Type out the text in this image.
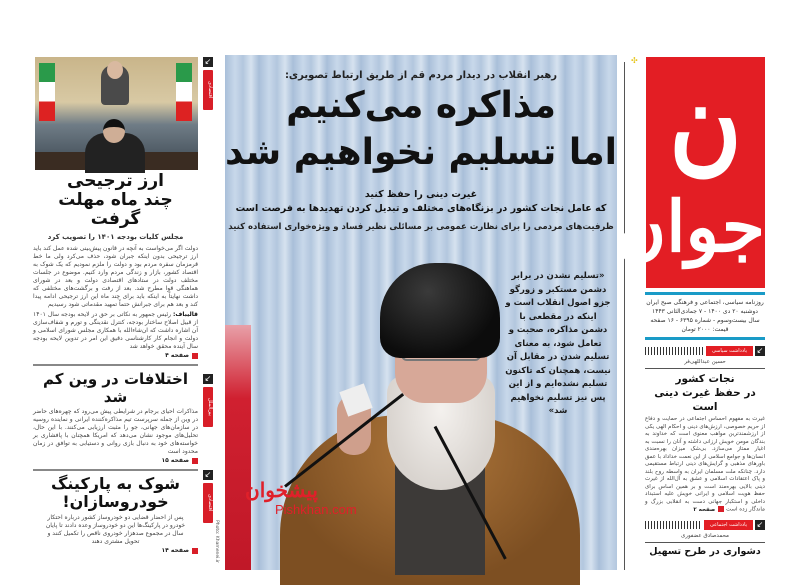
↙
اقتصادی
↙
بین‌الملل
↙
اقتصادی
ارز ترجیحی
چند ماه مهلت گرفت
مجلس کلیات بودجه ۱۴۰۱ را تصویب کرد
دولت اگر می‌خواست به آنچه در قانون پیش‌بینی شده عمل کند باید ارز ترجیحی بدون اینکه جبران شود، حذف می‌کرد ولی ما خط قرمزمان سفره مردم بود و دولت را ملزم نمودیم که یک شوک به اقتصاد کشور، بازار و زندگی مردم وارد کنیم. موضوع در جلسات مختلف دولت در ستادهای اقتصادی دولت و بعد در شورای هماهنگی قوا مطرح شد. بعد از رفت و برگشت‌های مختلفی که داشت نهایتاً به اینکه باید برای چند ماه این ارز ترجیحی ادامه پیدا کند و بعد هم برای جبرانش حتماً تمهید مقدماتی شود رسیدیم
قالیباف: رئیس جمهور به نکاتی بر حق در لایحه بودجه سال ۱۴۰۱ از قبیل اصلاح ساختار بودجه، کنترل نقدینگی و تورم و شفاف‌سازی آن اشاره داشت که ان‌شاءالله با همکاری مجلس شورای اسلامی و دولت و انجام کار کارشناسی دقیق این امر در تدوین لایحه بودجه سال آینده محقق خواهد شد
صفحه ۴
اختلافات در وین کم شد
مذاکرات احیای برجام در شرایطی پیش می‌رود که چهره‌های حاضر در وین از جمله سرپرست تیم مذاکره‌کننده ایرانی و نماینده روسیه در سازمان‌های جهانی، جو را مثبت ارزیابی می‌کنند. با این حال، تحلیل‌های موجود نشان می‌دهد که امریکا همچنان با پافشاری بر خواسته‌های خود به دنبال بازی روانی و دستیابی به توافق در زمان محدود است
صفحه ۱۵
شوک به پارکینگ
خودروسازان!
پس از احضار قضایی دو خودروساز کشور درباره احتکار خودرو در پارکینگ‌ها این دو خودروساز وعده دادند تا پایان سال در مجموع صدهزار خودروی ناقص را تکمیل کنند و تحویل مشتری دهند
صفحه ۱۴	Photo: Khamenei.ir
رهبر انقلاب در دیدار مردم قم از طریق ارتباط تصویری:
مذاکره می‌کنیم
اما تسلیم نخواهیم شد
غیرت دینی را حفظ کنید
که عامل نجات کشور در بزنگاه‌های مختلف و تبدیل کردن تهدیدها به فرصت است
ظرفیت‌های مردمی را برای نظارت عمومی بر مسائلی نظیر فساد و ویژه‌خواری استفاده کنید
«تسلیم نشدن در برابر دشمن مستکبر و زورگو جزو اصول انقلاب است و اینکه در مقطعی با دشمن مذاکره، صحبت و تعامل شود، به معنای تسلیم شدن در مقابل آن نیست، همچنان که تاکنون تسلیم نشده‌ایم و از این پس نیز تسلیم نخواهیم شد»
پیشخوان
Pishkhan.com
✣ ن
جوان
روزنامه سیاسی، اجتماعی و فرهنگی صبح ایران
دوشنبه ۲۰ دی ۱۴۰۰ - ۷ جمادی‌الثانی ۱۴۴۳
سال بیست‌وسوم - شماره ۶۳۹۵ - ۱۶ صفحه
قیمت: ۲۰۰۰ تومان
↙
یادداشت سیاسی
حسین عبداللهی‌فر
نجات کشور
در حفظ غیرت دینی است
غیرت به مفهوم احساس اجتماعی در حمایت و دفاع از حریم خصوصی، ارزش‌های دینی و احکام الهی یکی از ارزشمندترین مواهب معنوی است که خداوند به بندگان مومن خویش ارزانی داشته و آنان را نسبت به اغیار ممتاز می‌سازد. بی‌شک میزان بهره‌مندی انسان‌ها و جوامع اسلامی از این نعمت خداداد با عمق باورهای مذهبی و گرایش‌های دینی ارتباط مستقیمی دارد. چنانکه ملت مسلمان ایران به واسطه روح بلند و پاک اعتقادات اسلامی و عشق به آل‌الله از غیرت دینی بالایی بهره‌مند است و بر همین اساس برای حفظ هویت اسلامی و ایرانی خویش علیه استبداد داخلی و استکبار جهانی دست به انقلابی بزرگ و ماندگار زده است صفحه ۲
↙
یادداشت اجتماعی
محمدصادق عضفوری
دشواری در طرح تسهیل
